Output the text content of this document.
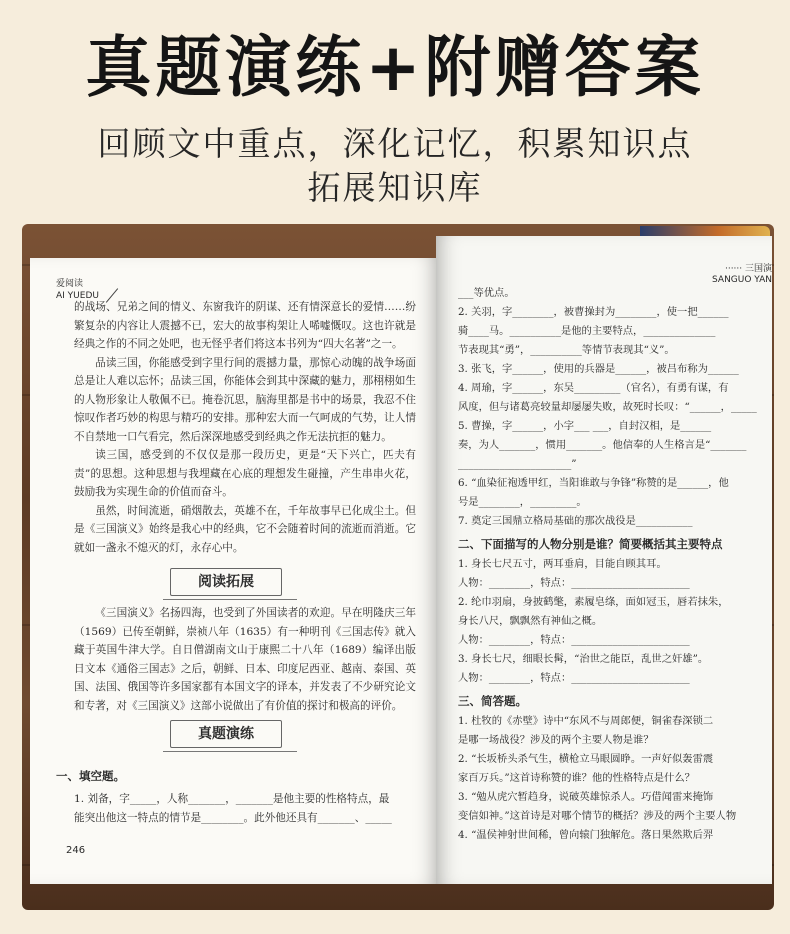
真题演练+附赠答案
回顾文中重点，深化记忆，积累知识点
拓展知识库
爱阅读
AI YUEDU

的战场、兄弟之间的情义、东窗我许的阴谋、还有情深意长的爱情……纷繁复杂的内容让人震撼不已，宏大的故事构架让人唏嘘慨叹。这也许就是经典之作的不同之处吧，也无怪乎者们将这本书列为“四大名著”之一。

品读三国，你能感受到字里行间的震撼力量，那惊心动魄的战争场面总是让人难以忘怀；品读三国，你能体会到其中深藏的魅力，那栩栩如生的人物形象让人敬佩不已。掩卷沉思，脑海里都是书中的场景，我忍不住惊叹作者巧妙的构思与精巧的安排。那种宏大而一气呵成的气势，让人情不自禁地一口气看完，然后深深地感受到经典之作无法抗拒的魅力。

读三国，感受到的不仅仅是那一段历史，更是“天下兴亡，匹夫有责”的思想。这种思想与我埋藏在心底的理想发生碰撞，产生串串火花，鼓励我为实现生命的价值而奋斗。

虽然，时间流逝，硝烟散去，英雄不在，千年故事早已化成尘土。但是《三国演义》始终是我心中的经典，它不会随着时间的流逝而消逝。它就如一盏永不熄灭的灯，永存心中。

阅读拓展
《三国演义》名扬四海，也受到了外国读者的欢迎。早在明隆庆三年（1569）已传至朝鲜，崇祯八年（1635）有一种明刊《三国志传》就入藏于英国牛津大学。自日僧湖南文山于康熙二十八年（1689）编译出版日文本《通俗三国志》之后，朝鲜、日本、印度尼西亚、越南、泰国、英国、法国、俄国等许多国家都有本国文字的译本，并发表了不少研究论文和专著，对《三国演义》这部小说做出了有价值的探讨和极高的评价。
真题演练
一、填空题。
1. 刘备，字_____，人称_______，_______是他主要的性格特点，最
能突出他这一特点的情节是________。此外他还具有_______、_____
246
······ 三国演
SANGUO YAN
___等优点。
2. 关羽，字________，被曹操封为________，使一把______
骑____马。__________是他的主要特点，______________
节表现其“勇”，__________等情节表现其“义”。
3. 张飞，字______，使用的兵器是______，被吕布称为______
4. 周瑜，字______，东吴_________（官名），有勇有谋，有
风度，但与诸葛亮较量却屡屡失败，故死时长叹：“______，_____
5. 曹操，字______，小字___ ___，自封汉相，是______
奏，为人_______，惯用_______。他信奉的人生格言是“_______
______________________”
6. “血染征袍透甲红，当阳谁敢与争锋”称赞的是______，他
号是________，_________。
7. 奠定三国鼎立格局基础的那次战役是___________
二、下面描写的人物分别是谁？简要概括其主要特点
1. 身长七尺五寸，两耳垂肩，目能自顾其耳。
人物：________，特点：_______________________
2. 纶巾羽扇，身披鹤氅，素履皂绦，面如冠玉，唇若抹朱，
身长八尺，飘飘然有神仙之概。
人物：________，特点：_______________________
3. 身长七尺，细眼长髯，“治世之能臣，乱世之奸雄”。
人物：________，特点：_______________________
三、简答题。
1. 杜牧的《赤壁》诗中“东风不与周郎便，铜雀春深锁二
是哪一场战役？涉及的两个主要人物是谁？
2. “长坂桥头杀气生，横枪立马眼圆睁。一声好似轰雷震
家百万兵。”这首诗称赞的谁？他的性格特点是什么？
3. “勉从虎穴暂趋身，说破英雄惊杀人。巧借闻雷来掩饰
变信如神。”这首诗是对哪个情节的概括？涉及的两个主要人物
4. “温侯神射世间稀，曾向辕门独解危。落日果然欺后羿
